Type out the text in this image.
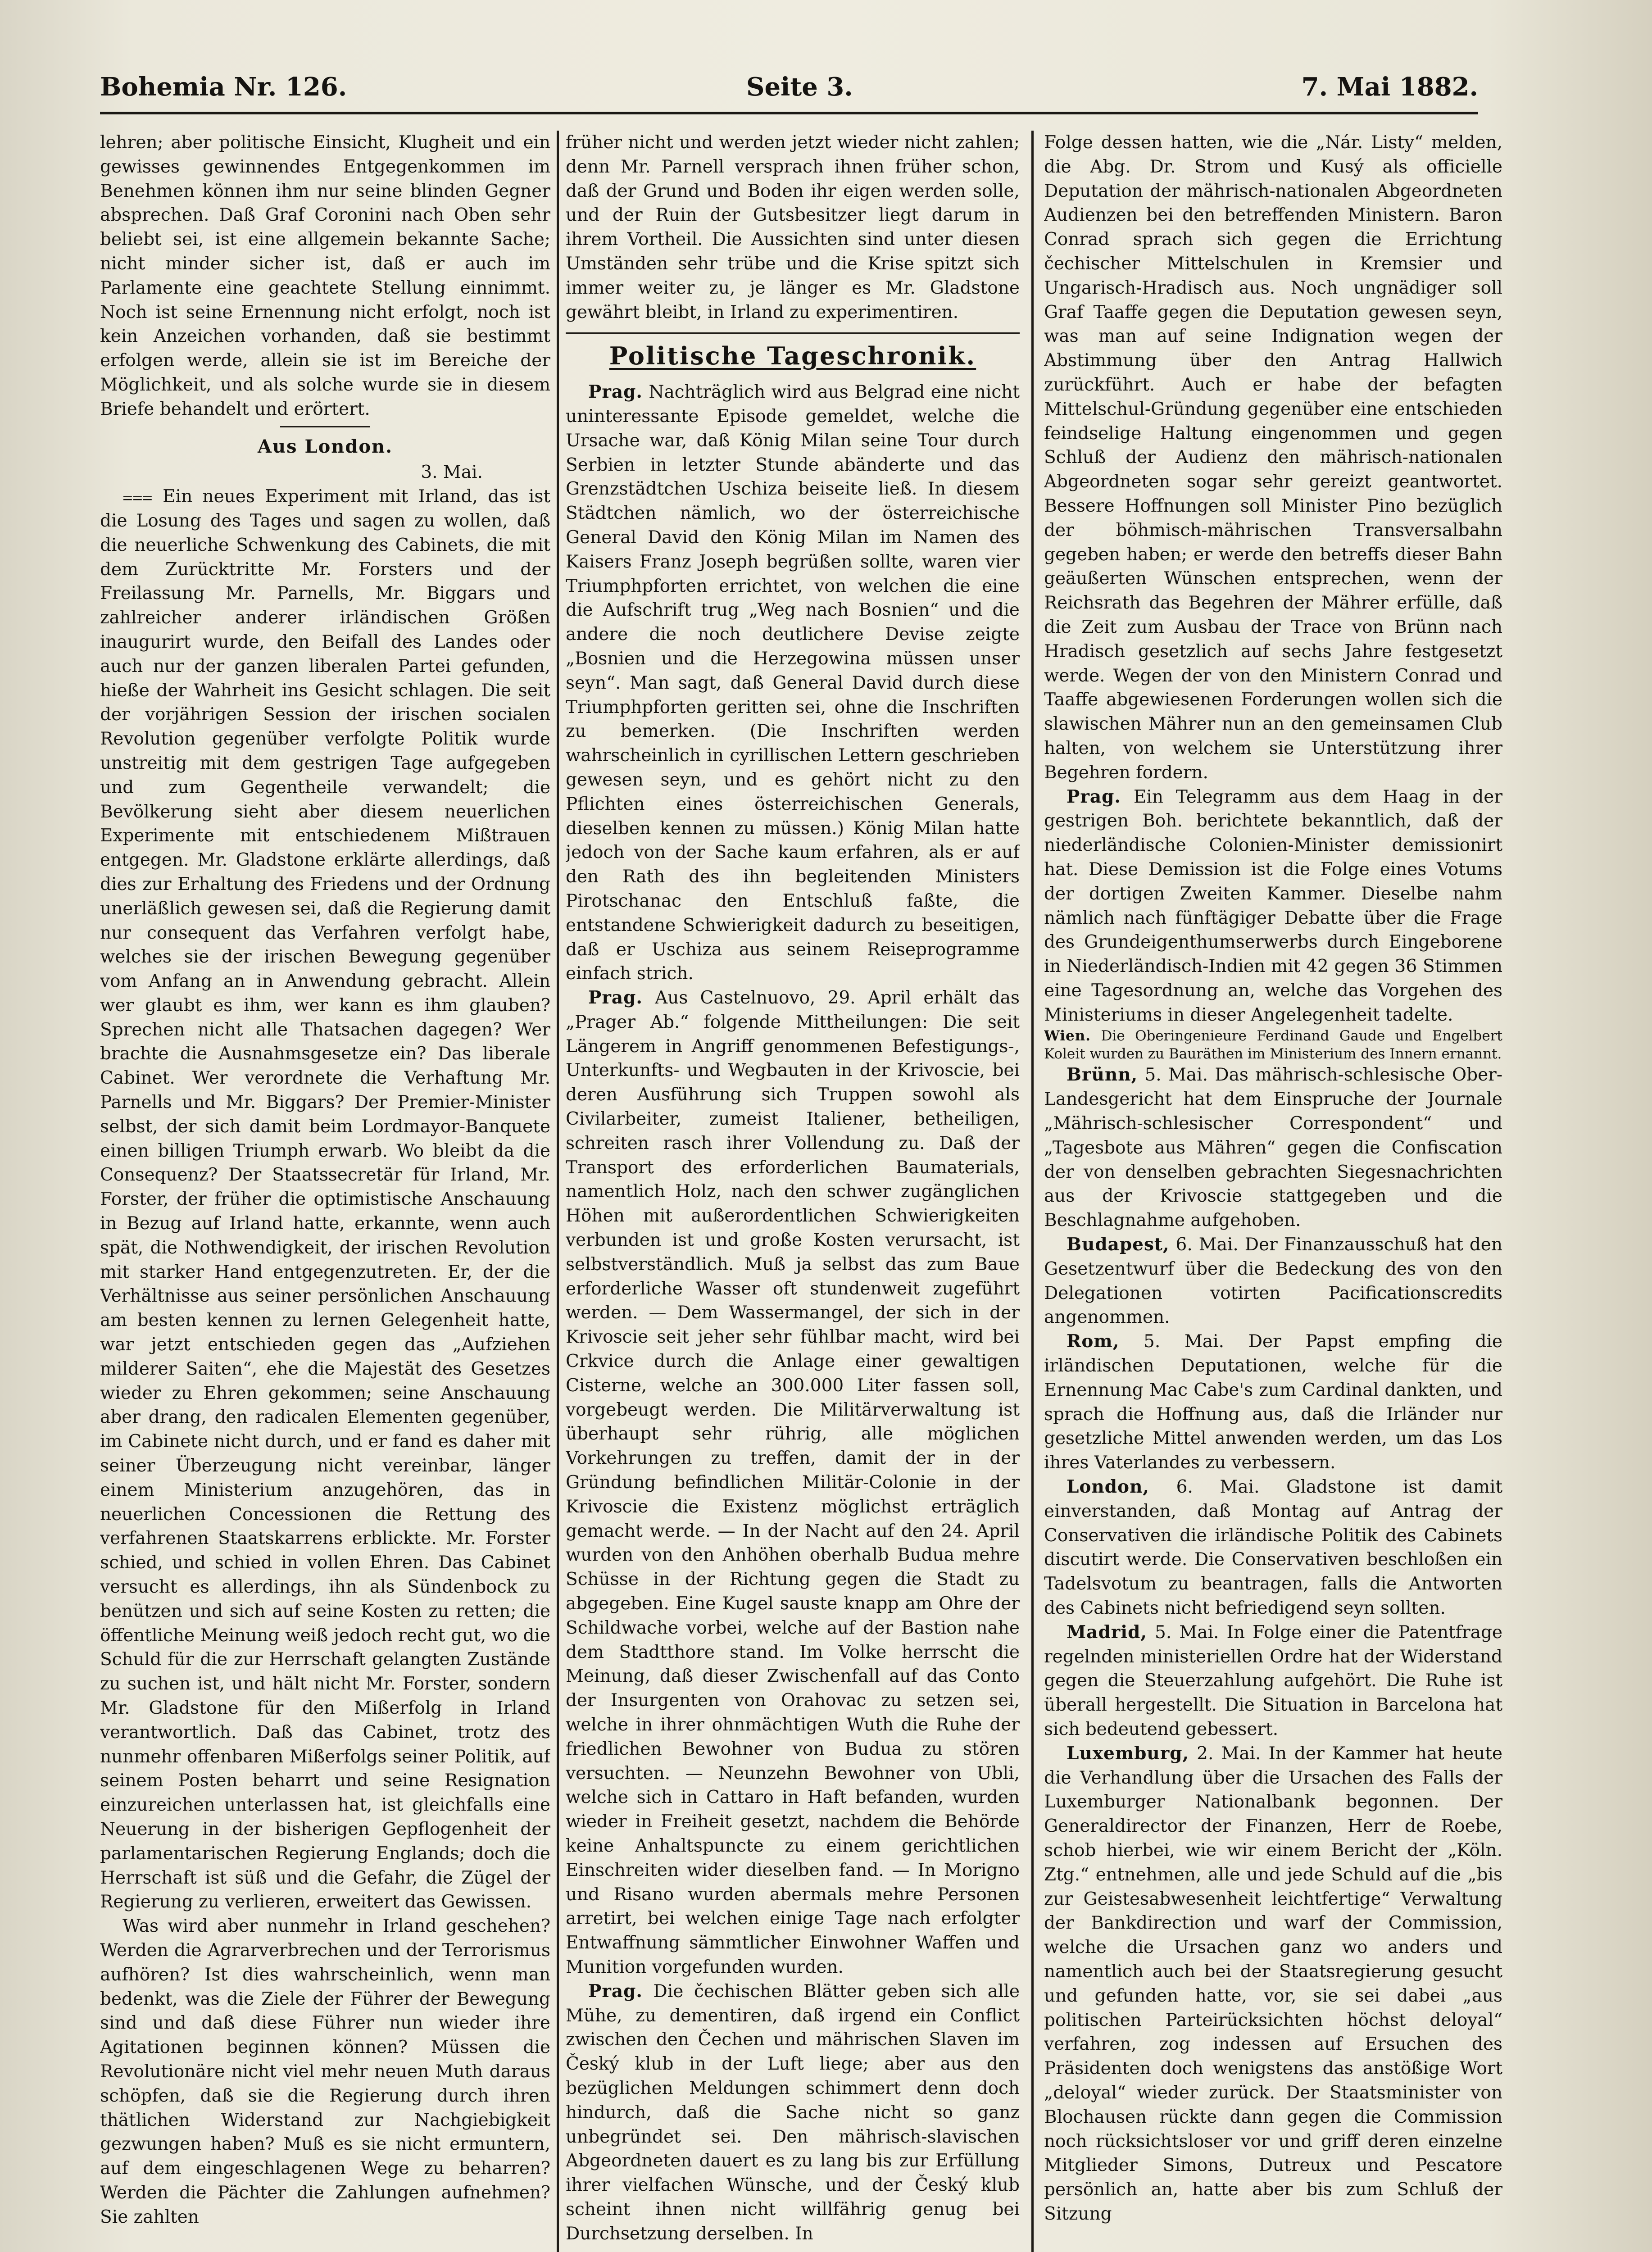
Bohemia Nr. 126.	Seite 3.	7. Mai 1882.

lehren; aber politische Einsicht, Klugheit und ein gewisses gewinnendes Entgegenkommen im Benehmen können ihm nur seine blinden Gegner absprechen. Daß Graf Coronini nach Oben sehr beliebt sei, ist eine allgemein bekannte Sache; nicht minder sicher ist, daß er auch im Parlamente eine geachtete Stellung einnimmt. Noch ist seine Ernennung nicht erfolgt, noch ist kein Anzeichen vorhanden, daß sie bestimmt erfolgen werde, allein sie ist im Bereiche der Möglichkeit, und als solche wurde sie in diesem Briefe behandelt und erörtert.

Aus London.
3. Mai.

⩶ Ein neues Experiment mit Irland, das ist die Losung des Tages und sagen zu wollen, daß die neuerliche Schwenkung des Cabinets, die mit dem Zurücktritte Mr. Forsters und der Freilassung Mr. Parnells, Mr. Biggars und zahlreicher anderer irländischen Größen inaugurirt wurde, den Beifall des Landes oder auch nur der ganzen liberalen Partei gefunden, hieße der Wahrheit ins Gesicht schlagen. Die seit der vorjährigen Session der irischen socialen Revolution gegenüber verfolgte Politik wurde unstreitig mit dem gestrigen Tage aufgegeben und zum Gegentheile verwandelt; die Bevölkerung sieht aber diesem neuerlichen Experimente mit entschiedenem Mißtrauen entgegen. Mr. Gladstone erklärte allerdings, daß dies zur Erhaltung des Friedens und der Ordnung unerläßlich gewesen sei, daß die Regierung damit nur consequent das Verfahren verfolgt habe, welches sie der irischen Bewegung gegenüber vom Anfang an in Anwendung gebracht. Allein wer glaubt es ihm, wer kann es ihm glauben? Sprechen nicht alle Thatsachen dagegen? Wer brachte die Ausnahmsgesetze ein? Das liberale Cabinet. Wer verordnete die Verhaftung Mr. Parnells und Mr. Biggars? Der Premier-Minister selbst, der sich damit beim Lordmayor-Banquete einen billigen Triumph erwarb. Wo bleibt da die Consequenz? Der Staatssecretär für Irland, Mr. Forster, der früher die optimistische Anschauung in Bezug auf Irland hatte, erkannte, wenn auch spät, die Nothwendigkeit, der irischen Revolution mit starker Hand entgegenzutreten. Er, der die Verhältnisse aus seiner persönlichen Anschauung am besten kennen zu lernen Gelegenheit hatte, war jetzt entschieden gegen das „Aufziehen milderer Saiten“, ehe die Majestät des Gesetzes wieder zu Ehren gekommen; seine Anschauung aber drang, den radicalen Elementen gegenüber, im Cabinete nicht durch, und er fand es daher mit seiner Überzeugung nicht vereinbar, länger einem Ministerium anzugehören, das in neuerlichen Concessionen die Rettung des verfahrenen Staatskarrens erblickte. Mr. Forster schied, und schied in vollen Ehren. Das Cabinet versucht es allerdings, ihn als Sündenbock zu benützen und sich auf seine Kosten zu retten; die öffentliche Meinung weiß jedoch recht gut, wo die Schuld für die zur Herrschaft gelangten Zustände zu suchen ist, und hält nicht Mr. Forster, sondern Mr. Gladstone für den Mißerfolg in Irland verantwortlich. Daß das Cabinet, trotz des nunmehr offenbaren Mißerfolgs seiner Politik, auf seinem Posten beharrt und seine Resignation einzureichen unterlassen hat, ist gleichfalls eine Neuerung in der bisherigen Gepflogenheit der parlamentarischen Regierung Englands; doch die Herrschaft ist süß und die Gefahr, die Zügel der Regierung zu verlieren, erweitert das Gewissen.

Was wird aber nunmehr in Irland geschehen? Werden die Agrarverbrechen und der Terrorismus aufhören? Ist dies wahrscheinlich, wenn man bedenkt, was die Ziele der Führer der Bewegung sind und daß diese Führer nun wieder ihre Agitationen beginnen können? Müssen die Revolutionäre nicht viel mehr neuen Muth daraus schöpfen, daß sie die Regierung durch ihren thätlichen Widerstand zur Nachgiebigkeit gezwungen haben? Muß es sie nicht ermuntern, auf dem eingeschlagenen Wege zu beharren? Werden die Pächter die Zahlungen aufnehmen? Sie zahlten

früher nicht und werden jetzt wieder nicht zahlen; denn Mr. Parnell versprach ihnen früher schon, daß der Grund und Boden ihr eigen werden solle, und der Ruin der Gutsbesitzer liegt darum in ihrem Vortheil. Die Aussichten sind unter diesen Umständen sehr trübe und die Krise spitzt sich immer weiter zu, je länger es Mr. Gladstone gewährt bleibt, in Irland zu experimentiren.

Politische Tageschronik.

Prag. Nachträglich wird aus Belgrad eine nicht uninteressante Episode gemeldet, welche die Ursache war, daß König Milan seine Tour durch Serbien in letzter Stunde abänderte und das Grenzstädtchen Uschiza beiseite ließ. In diesem Städtchen nämlich, wo der österreichische General David den König Milan im Namen des Kaisers Franz Joseph begrüßen sollte, waren vier Triumphpforten errichtet, von welchen die eine die Aufschrift trug „Weg nach Bosnien“ und die andere die noch deutlichere Devise zeigte „Bosnien und die Herzegowina müssen unser seyn“. Man sagt, daß General David durch diese Triumphpforten geritten sei, ohne die Inschriften zu bemerken. (Die Inschriften werden wahrscheinlich in cyrillischen Lettern geschrieben gewesen seyn, und es gehört nicht zu den Pflichten eines österreichischen Generals, dieselben kennen zu müssen.) König Milan hatte jedoch von der Sache kaum erfahren, als er auf den Rath des ihn begleitenden Ministers Pirotschanac den Entschluß faßte, die entstandene Schwierigkeit dadurch zu beseitigen, daß er Uschiza aus seinem Reiseprogramme einfach strich.

Prag. Aus Castelnuovo, 29. April erhält das „Prager Ab.“ folgende Mittheilungen: Die seit Längerem in Angriff genommenen Befestigungs-, Unterkunfts- und Wegbauten in der Krivoscie, bei deren Ausführung sich Truppen sowohl als Civilarbeiter, zumeist Italiener, betheiligen, schreiten rasch ihrer Vollendung zu. Daß der Transport des erforderlichen Baumaterials, namentlich Holz, nach den schwer zugänglichen Höhen mit außerordentlichen Schwierigkeiten verbunden ist und große Kosten verursacht, ist selbstverständlich. Muß ja selbst das zum Baue erforderliche Wasser oft stundenweit zugeführt werden. — Dem Wassermangel, der sich in der Krivoscie seit jeher sehr fühlbar macht, wird bei Crkvice durch die Anlage einer gewaltigen Cisterne, welche an 300.000 Liter fassen soll, vorgebeugt werden. Die Militärverwaltung ist überhaupt sehr rührig, alle möglichen Vorkehrungen zu treffen, damit der in der Gründung befindlichen Militär-Colonie in der Krivoscie die Existenz möglichst erträglich gemacht werde. — In der Nacht auf den 24. April wurden von den Anhöhen oberhalb Budua mehre Schüsse in der Richtung gegen die Stadt zu abgegeben. Eine Kugel sauste knapp am Ohre der Schildwache vorbei, welche auf der Bastion nahe dem Stadtthore stand. Im Volke herrscht die Meinung, daß dieser Zwischenfall auf das Conto der Insurgenten von Orahovac zu setzen sei, welche in ihrer ohnmächtigen Wuth die Ruhe der friedlichen Bewohner von Budua zu stören versuchten. — Neunzehn Bewohner von Ubli, welche sich in Cattaro in Haft befanden, wurden wieder in Freiheit gesetzt, nachdem die Behörde keine Anhaltspuncte zu einem gerichtlichen Einschreiten wider dieselben fand. — In Morigno und Risano wurden abermals mehre Personen arretirt, bei welchen einige Tage nach erfolgter Entwaffnung sämmtlicher Einwohner Waffen und Munition vorgefunden wurden.

Prag. Die čechischen Blätter geben sich alle Mühe, zu dementiren, daß irgend ein Conflict zwischen den Čechen und mährischen Slaven im Český klub in der Luft liege; aber aus den bezüglichen Meldungen schimmert denn doch hindurch, daß die Sache nicht so ganz unbegründet sei. Den mährisch-slavischen Abgeordneten dauert es zu lang bis zur Erfüllung ihrer vielfachen Wünsche, und der Český klub scheint ihnen nicht willfährig genug bei Durchsetzung derselben. In

Folge dessen hatten, wie die „Nár. Listy“ melden, die Abg. Dr. Strom und Kusý als officielle Deputation der mährisch-nationalen Abgeordneten Audienzen bei den betreffenden Ministern. Baron Conrad sprach sich gegen die Errichtung čechischer Mittelschulen in Kremsier und Ungarisch-Hradisch aus. Noch ungnädiger soll Graf Taaffe gegen die Deputation gewesen seyn, was man auf seine Indignation wegen der Abstimmung über den Antrag Hallwich zurückführt. Auch er habe der befagten Mittelschul-Gründung gegenüber eine entschieden feindselige Haltung eingenommen und gegen Schluß der Audienz den mährisch-nationalen Abgeordneten sogar sehr gereizt geantwortet. Bessere Hoffnungen soll Minister Pino bezüglich der böhmisch-mährischen Transversalbahn gegeben haben; er werde den betreffs dieser Bahn geäußerten Wünschen entsprechen, wenn der Reichsrath das Begehren der Mährer erfülle, daß die Zeit zum Ausbau der Trace von Brünn nach Hradisch gesetzlich auf sechs Jahre festgesetzt werde. Wegen der von den Ministern Conrad und Taaffe abgewiesenen Forderungen wollen sich die slawischen Mährer nun an den gemeinsamen Club halten, von welchem sie Unterstützung ihrer Begehren fordern.

Prag. Ein Telegramm aus dem Haag in der gestrigen Boh. berichtete bekanntlich, daß der niederländische Colonien-Minister demissionirt hat. Diese Demission ist die Folge eines Votums der dortigen Zweiten Kammer. Dieselbe nahm nämlich nach fünftägiger Debatte über die Frage des Grundeigenthumserwerbs durch Eingeborene in Niederländisch-Indien mit 42 gegen 36 Stimmen eine Tagesordnung an, welche das Vorgehen des Ministeriums in dieser Angelegenheit tadelte.

Wien. Die Oberingenieure Ferdinand Gaude und Engelbert Koleit wurden zu Bauräthen im Ministerium des Innern ernannt.

Brünn, 5. Mai. Das mährisch-schlesische Ober-Landesgericht hat dem Einspruche der Journale „Mährisch-schlesischer Correspondent“ und „Tagesbote aus Mähren“ gegen die Confiscation der von denselben gebrachten Siegesnachrichten aus der Krivoscie stattgegeben und die Beschlagnahme aufgehoben.

Budapest, 6. Mai. Der Finanzausschuß hat den Gesetzentwurf über die Bedeckung des von den Delegationen votirten Pacificationscredits angenommen.

Rom, 5. Mai. Der Papst empfing die irländischen Deputationen, welche für die Ernennung Mac Cabe's zum Cardinal dankten, und sprach die Hoffnung aus, daß die Irländer nur gesetzliche Mittel anwenden werden, um das Los ihres Vaterlandes zu verbessern.

London, 6. Mai. Gladstone ist damit einverstanden, daß Montag auf Antrag der Conservativen die irländische Politik des Cabinets discutirt werde. Die Conservativen beschloßen ein Tadelsvotum zu beantragen, falls die Antworten des Cabinets nicht befriedigend seyn sollten.

Madrid, 5. Mai. In Folge einer die Patentfrage regelnden ministeriellen Ordre hat der Widerstand gegen die Steuerzahlung aufgehört. Die Ruhe ist überall hergestellt. Die Situation in Barcelona hat sich bedeutend gebessert.

Luxemburg, 2. Mai. In der Kammer hat heute die Verhandlung über die Ursachen des Falls der Luxemburger Nationalbank begonnen. Der Generaldirector der Finanzen, Herr de Roebe, schob hierbei, wie wir einem Bericht der „Köln. Ztg.“ entnehmen, alle und jede Schuld auf die „bis zur Geistesabwesenheit leichtfertige“ Verwaltung der Bankdirection und warf der Commission, welche die Ursachen ganz wo anders und namentlich auch bei der Staatsregierung gesucht und gefunden hatte, vor, sie sei dabei „aus politischen Parteirücksichten höchst deloyal“ verfahren, zog indessen auf Ersuchen des Präsidenten doch wenigstens das anstößige Wort „deloyal“ wieder zurück. Der Staatsminister von Blochausen rückte dann gegen die Commission noch rücksichtsloser vor und griff deren einzelne Mitglieder Simons, Dutreux und Pescatore persönlich an, hatte aber bis zum Schluß der Sitzung
